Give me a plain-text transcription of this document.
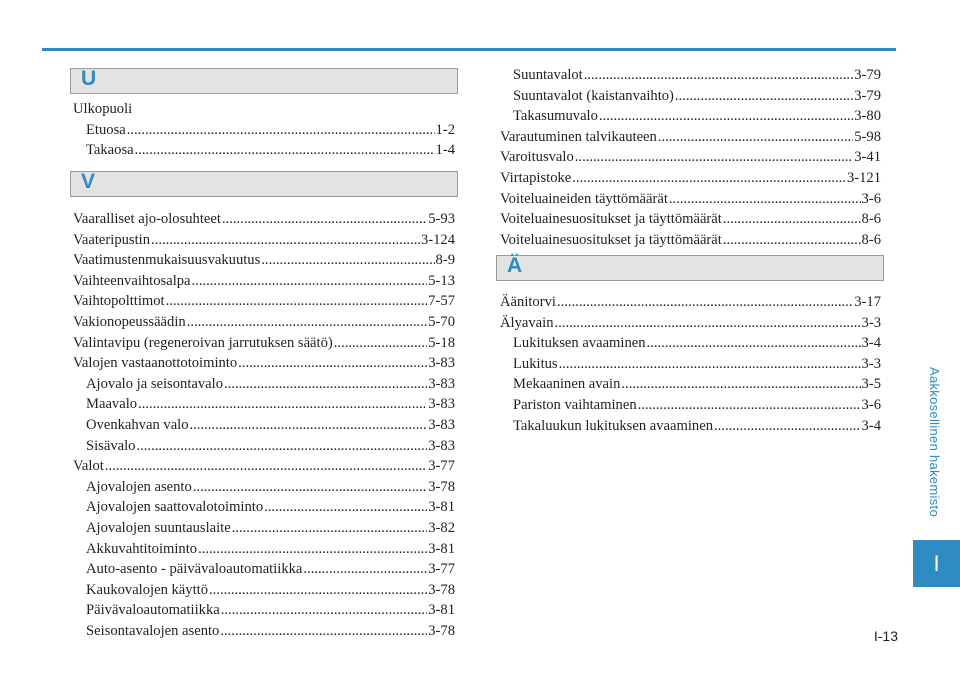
U
Ulkopuoli
Etuosa .....	1-2
Takaosa .....	1-4
V
Vaaralliset ajo-olosuhteet .....	5-93
Vaateripustin .....	3-124
Vaatimustenmukaisuusvakuutus .....	8-9
Vaihteenvaihtosalpa .....	5-13
Vaihtopolttimot .....	7-57
Vakionopeussäädin .....	5-70
Valintavipu (regeneroivan jarrutuksen säätö) .....	5-18
Valojen vastaanottotoiminto .....	3-83
Ajovalo ja seisontavalo .....	3-83
Maavalo .....	3-83
Ovenkahvan valo .....	3-83
Sisävalo .....	3-83
Valot .....	3-77
Ajovalojen asento .....	3-78
Ajovalojen saattovalotoiminto .....	3-81
Ajovalojen suuntauslaite .....	3-82
Akkuvahtitoiminto .....	3-81
Auto-asento - päivävaloautomatiikka .....	3-77
Kaukovalojen käyttö .....	3-78
Päivävaloautomatiikka .....	3-81
Seisontavalojen asento .....	3-78
Suuntavalot .....	3-79
Suuntavalot (kaistanvaihto) .....	3-79
Takasumuvalo .....	3-80
Varautuminen talvikauteen .....	5-98
Varoitusvalo .....	3-41
Virtapistoke .....	3-121
Voiteluaineiden täyttömäärät .....	3-6
Voiteluainesuositukset ja täyttömäärät .....	8-6
Voiteluainesuositukset ja täyttömäärät .....	8-6
Ä
Äänitorvi .....	3-17
Älyavain .....	3-3
Lukituksen avaaminen .....	3-4
Lukitus .....	3-3
Mekaaninen avain .....	3-5
Pariston vaihtaminen .....	3-6
Takaluukun lukituksen avaaminen .....	3-4	Aakkosellinen hakemisto
I
I-13
